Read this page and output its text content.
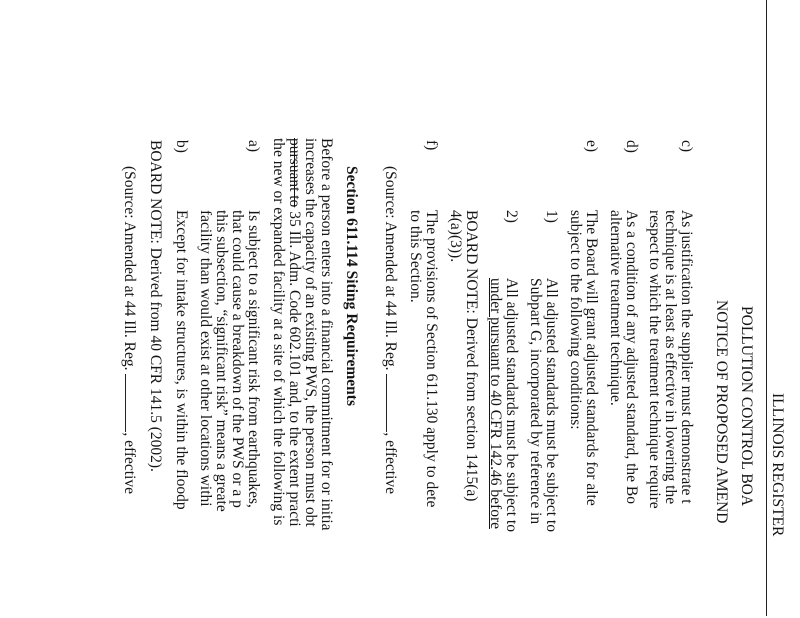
ILLINOIS REGISTER
POLLUTION CONTROL BOA
NOTICE OF PROPOSED AMEND
c)
As justification the supplier must demonstrate t
technique is at least as effective in lowering the
respect to which the treatment technique require
d)
As a condition of any adjusted standard, the Bo
alternative treatment technique.
e)
The Board will grant adjusted standards for alte
subject to the following conditions:
1)
All adjusted standards must be subject to
Subpart G, incorporated by reference in
2)
All adjusted standards must be subject to
under pursuant to 40 CFR 142.46 before
BOARD NOTE: Derived from section 1415(a)
4(a)(3)).
f)
The provisions of Section 611.130 apply to dete
to this Section.
(Source: Amended at 44 Ill. Reg. , effective
Section 611.114 Siting Requirements
Before a person enters into a financial commitment for or initia
increases the capacity of an existing PWS, the person must obt
pursuant to 35 Ill. Adm. Code 602.101 and, to the extent practi
the new or expanded facility at a site of which the following is
a)
Is subject to a significant risk from earthquakes,
that could cause a breakdown of the PWS or a p
this subsection, “significant risk” means a greate
facility than would exist at other locations withi
b)
Except for intake structures, is within the floodp
BOARD NOTE: Derived from 40 CFR 141.5 (2002).
(Source: Amended at 44 Ill. Reg. , effective
